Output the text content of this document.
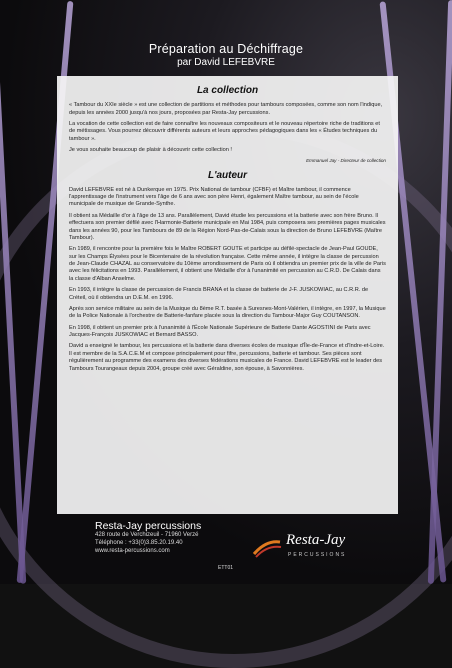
Préparation au Déchiffrage
par David LEFEBVRE
La collection

« Tambour du XXIe siècle » est une collection de partitions et méthodes pour tambours composées, comme son nom l'indique, depuis les années 2000 jusqu'à nos jours, proposées par Resta-Jay percussions.

La vocation de cette collection est de faire connaître les nouveaux compositeurs et le nouveau répertoire riche de traditions et de métissages. Vous pourrez découvrir différents auteurs et leurs approches pédagogiques dans les « Études techniques du tambour ».

Je vous souhaite beaucoup de plaisir à découvrir cette collection !

Emmanuel Jay - Directeur de collection

L'auteur

David LEFEBVRE est né à Dunkerque en 1975. Prix National de tambour (CFBF) et Maître tambour, il commence l'apprentissage de l'instrument vers l'âge de 6 ans avec son père Henri, également Maître tambour, au sein de l'école municipale de musique de Grande-Synthe.

Il obtient sa Médaille d'or à l'âge de 13 ans. Parallèlement, David étudie les percussions et la batterie avec son frère Bruno. Il effectuera son premier défilé avec l'Harmonie-Batterie municipale en Mai 1984, puis composera ses premières pages musicales dans les années 90, pour les Tambours de 89 de la Région Nord-Pas-de-Calais sous la direction de Bruno LEFEBVRE (Maître Tambour).

En 1989, il rencontre pour la première fois le Maître ROBERT GOUTE et participe au défilé-spectacle de Jean-Paul GOUDE, sur les Champs Élysées pour le Bicentenaire de la révolution française. Cette même année, il intègre la classe de percussion de Jean-Claude CHAZAL au conservatoire du 10ème arrondissement de Paris où il obtiendra un premier prix de la ville de Paris avec les félicitations en 1993. Parallèlement, il obtient une Médaille d'or à l'unanimité en percussion au C.R.D. De Calais dans la classe d'Alban Anselme.

En 1993, il intègre la classe de percussion de Francis BRANA et la classe de batterie de J-F. JUSKOWIAC, au C.R.R. de Créteil, où il obtiendra un D.E.M. en 1996.

Après son service militaire au sein de la Musique du 8ème R.T. basée à Suresnes-Mont-Valérien, il intègre, en 1997, la Musique de la Police Nationale à l'orchestre de Batterie-fanfare placée sous la direction du Tambour-Major Guy COUTANSON.

En 1998, il obtient un premier prix à l'unanimité à l'École Nationale Supérieure de Batterie Dante AGOSTINI de Paris avec Jacques-François JUSKOWIAC et Bernard BASSO.

David a enseigné le tambour, les percussions et la batterie dans diverses écoles de musique d'Île-de-France et d'Indre-et-Loire. Il est membre de la S.A.C.E.M et compose principalement pour fifre, percussions, batterie et tambour. Ses pièces sont régulièrement au programme des examens des diverses fédérations musicales de France. David LEFEBVRE est le leader des Tambours Tourangeaux depuis 2004, groupe créé avec Géraldine, son épouse, à Savonnières.

Resta-Jay percussions
428 route de Verchizeuil - 71960 Verzé
Téléphone : +33(0)3.85.20.19.40
www.resta-percussions.com
ETT01
Resta-Jay
PERCUSSIONS
